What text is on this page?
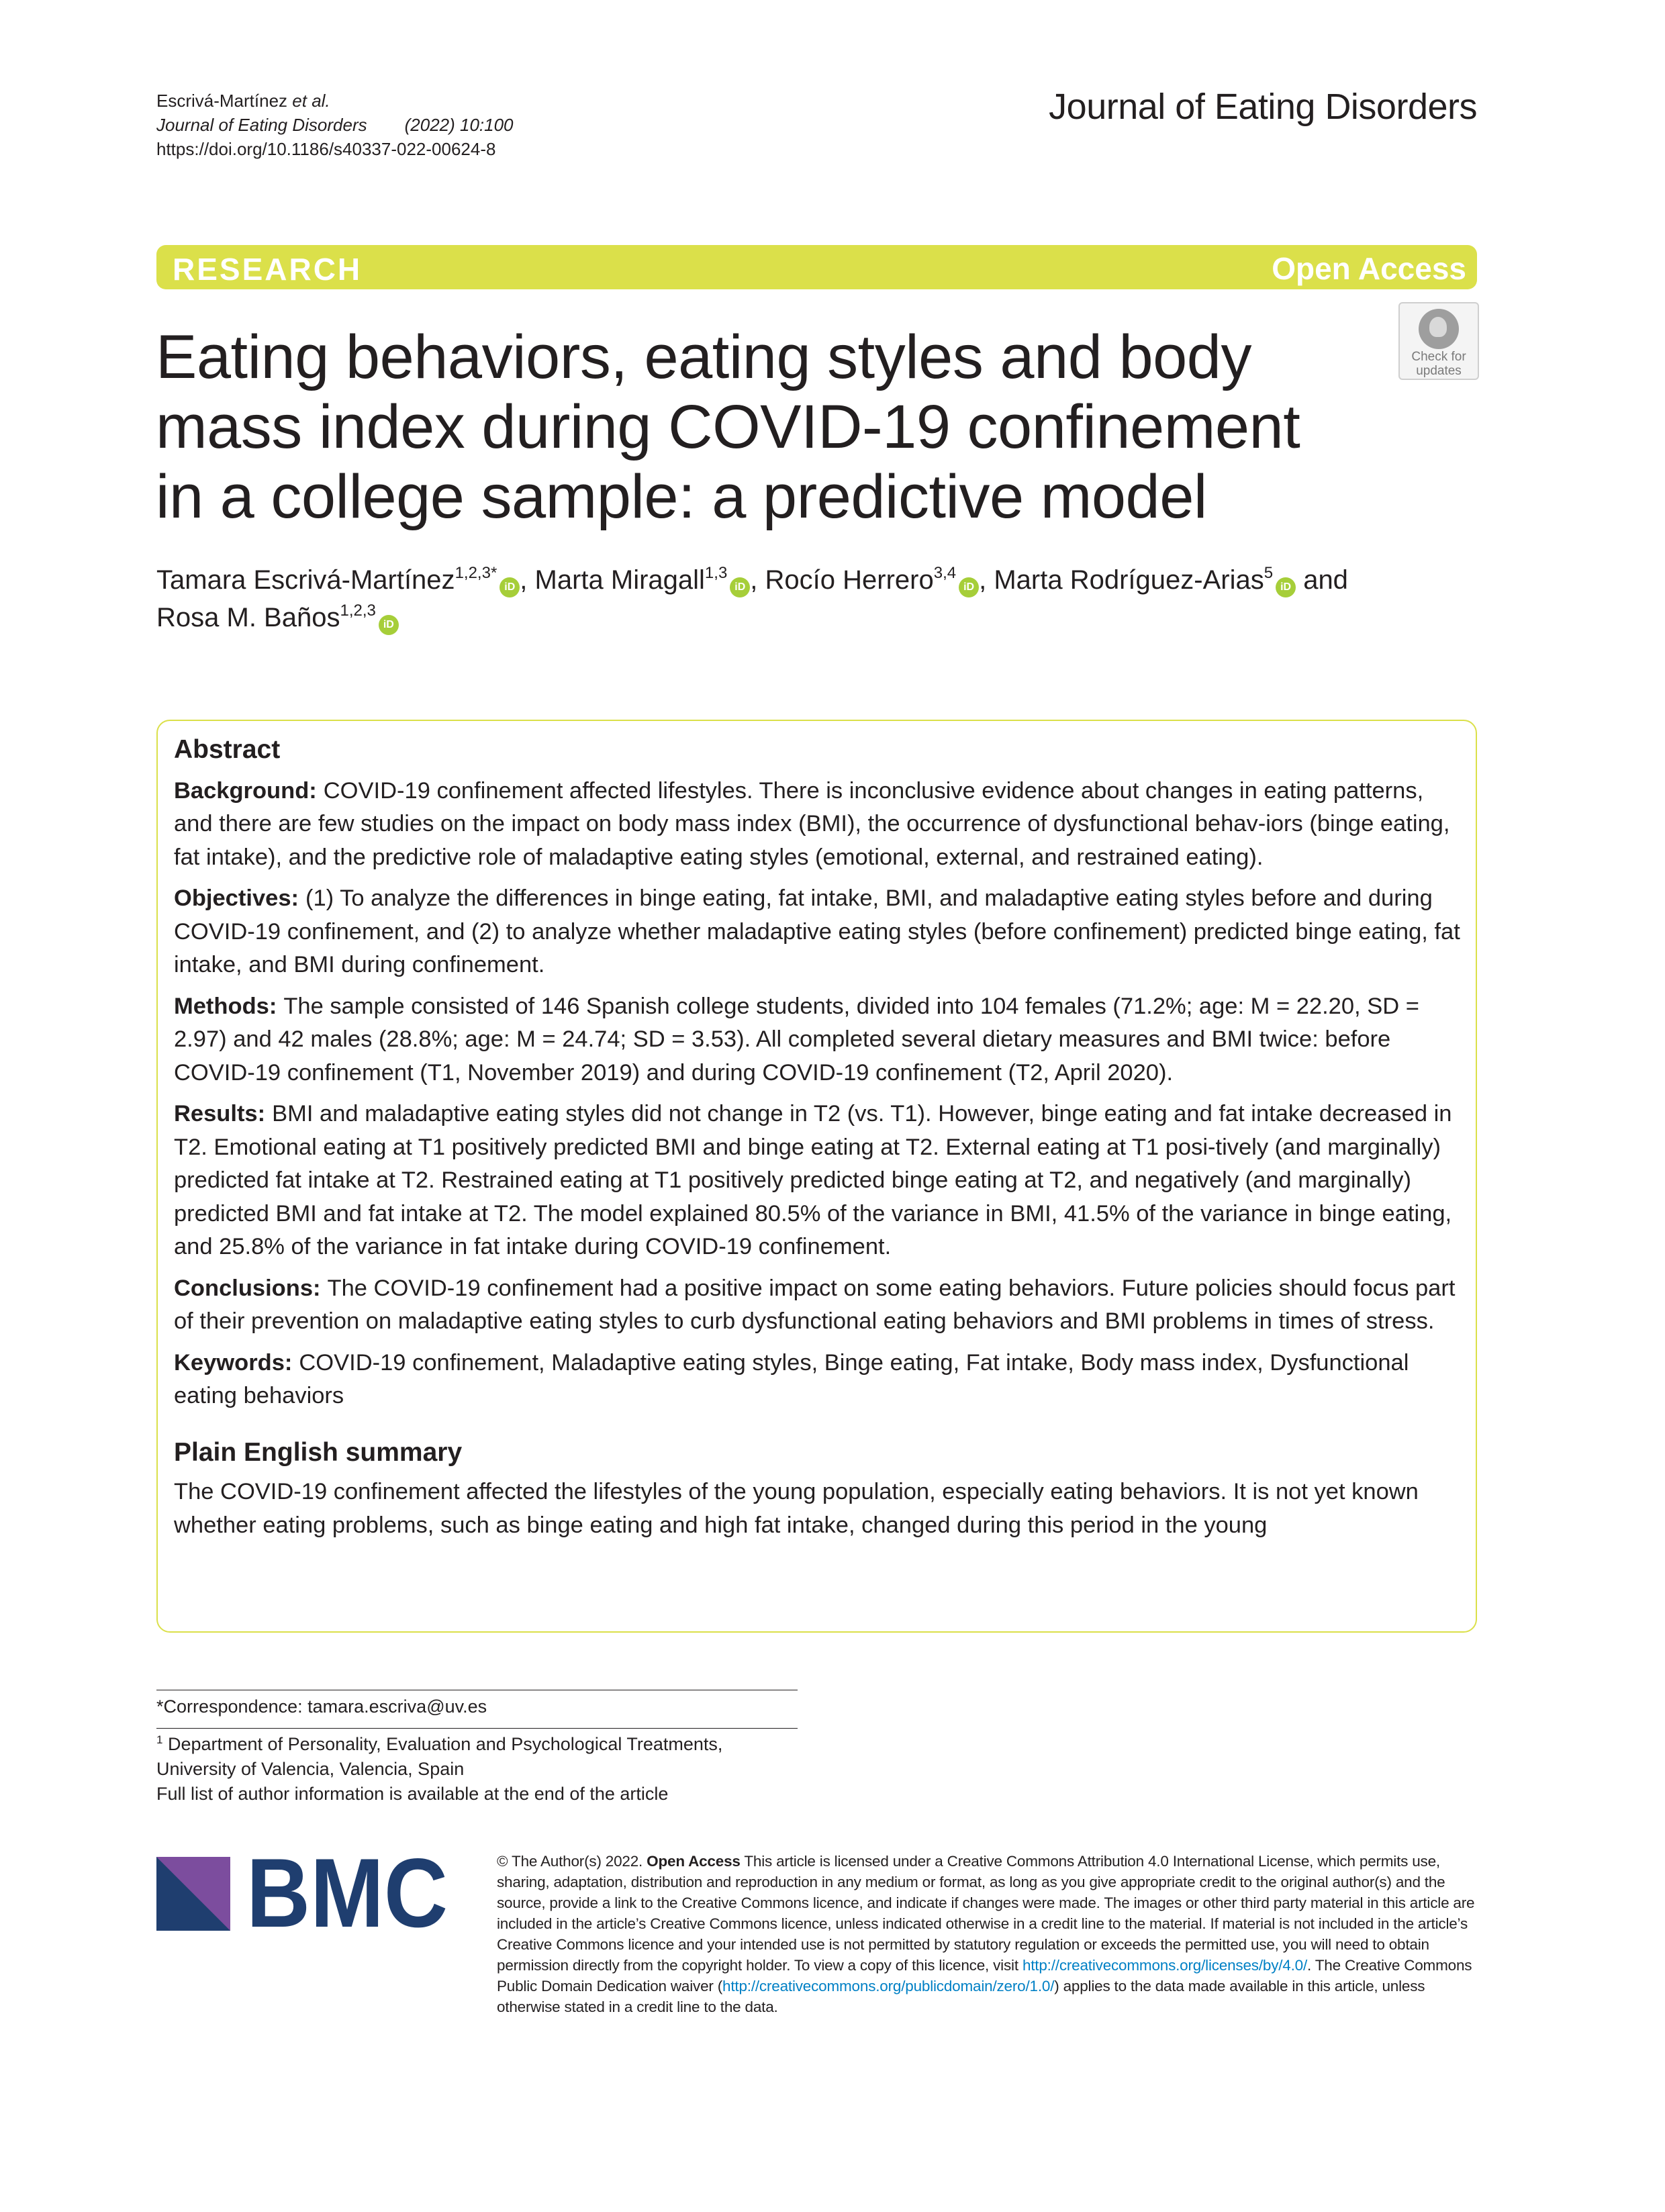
Escrivá-Martínez et al.
Journal of Eating Disorders (2022) 10:100
https://doi.org/10.1186/s40337-022-00624-8
Journal of Eating Disorders
RESEARCH	Open Access
Check for
updates
Eating behaviors, eating styles and body
mass index during COVID-19 confinement
in a college sample: a predictive model
Tamara Escrivá-Martínez$^{1,2,3*}$iD , Marta Miragall$^{1,3}$iD , Rocío Herrero$^{3,4}$iD , Marta Rodríguez-Arias$^5$iD and
Rosa M. Baños$^{1,2,3}$iD
Abstract

Background: COVID-19 confinement affected lifestyles. There is inconclusive evidence about changes in eating patterns, and there are few studies on the impact on body mass index (BMI), the occurrence of dysfunctional behav-iors (binge eating, fat intake), and the predictive role of maladaptive eating styles (emotional, external, and restrained eating).

Objectives: (1) To analyze the differences in binge eating, fat intake, BMI, and maladaptive eating styles before and during COVID-19 confinement, and (2) to analyze whether maladaptive eating styles (before confinement) predicted binge eating, fat intake, and BMI during confinement.

Methods: The sample consisted of 146 Spanish college students, divided into 104 females (71.2%; age: M = 22.20, SD = 2.97) and 42 males (28.8%; age: M = 24.74; SD = 3.53). All completed several dietary measures and BMI twice: before COVID-19 confinement (T1, November 2019) and during COVID-19 confinement (T2, April 2020).

Results: BMI and maladaptive eating styles did not change in T2 (vs. T1). However, binge eating and fat intake decreased in T2. Emotional eating at T1 positively predicted BMI and binge eating at T2. External eating at T1 posi-tively (and marginally) predicted fat intake at T2. Restrained eating at T1 positively predicted binge eating at T2, and negatively (and marginally) predicted BMI and fat intake at T2. The model explained 80.5% of the variance in BMI, 41.5% of the variance in binge eating, and 25.8% of the variance in fat intake during COVID-19 confinement.

Conclusions: The COVID-19 confinement had a positive impact on some eating behaviors. Future policies should focus part of their prevention on maladaptive eating styles to curb dysfunctional eating behaviors and BMI problems in times of stress.

Keywords: COVID-19 confinement, Maladaptive eating styles, Binge eating, Fat intake, Body mass index, Dysfunctional eating behaviors

Plain English summary

The COVID-19 confinement affected the lifestyles of the young population, especially eating behaviors. It is not yet known whether eating problems, such as binge eating and high fat intake, changed during this period in the young

*Correspondence: tamara.escriva@uv.es
$^1$ Department of Personality, Evaluation and Psychological Treatments,
University of Valencia, Valencia, Spain
Full list of author information is available at the end of the article
BMC	© The Author(s) 2022. Open Access This article is licensed under a Creative Commons Attribution 4.0 International License, which permits use, sharing, adaptation, distribution and reproduction in any medium or format, as long as you give appropriate credit to the original author(s) and the source, provide a link to the Creative Commons licence, and indicate if changes were made. The images or other third party material in this article are included in the article’s Creative Commons licence, unless indicated otherwise in a credit line to the material. If material is not included in the article’s Creative Commons licence and your intended use is not permitted by statutory regulation or exceeds the permitted use, you will need to obtain permission directly from the copyright holder. To view a copy of this licence, visit http://creativecommons.org/licenses/by/4.0/. The Creative Commons Public Domain Dedication waiver (http://creativecommons.org/publicdomain/zero/1.0/) applies to the data made available in this article, unless otherwise stated in a credit line to the data.
